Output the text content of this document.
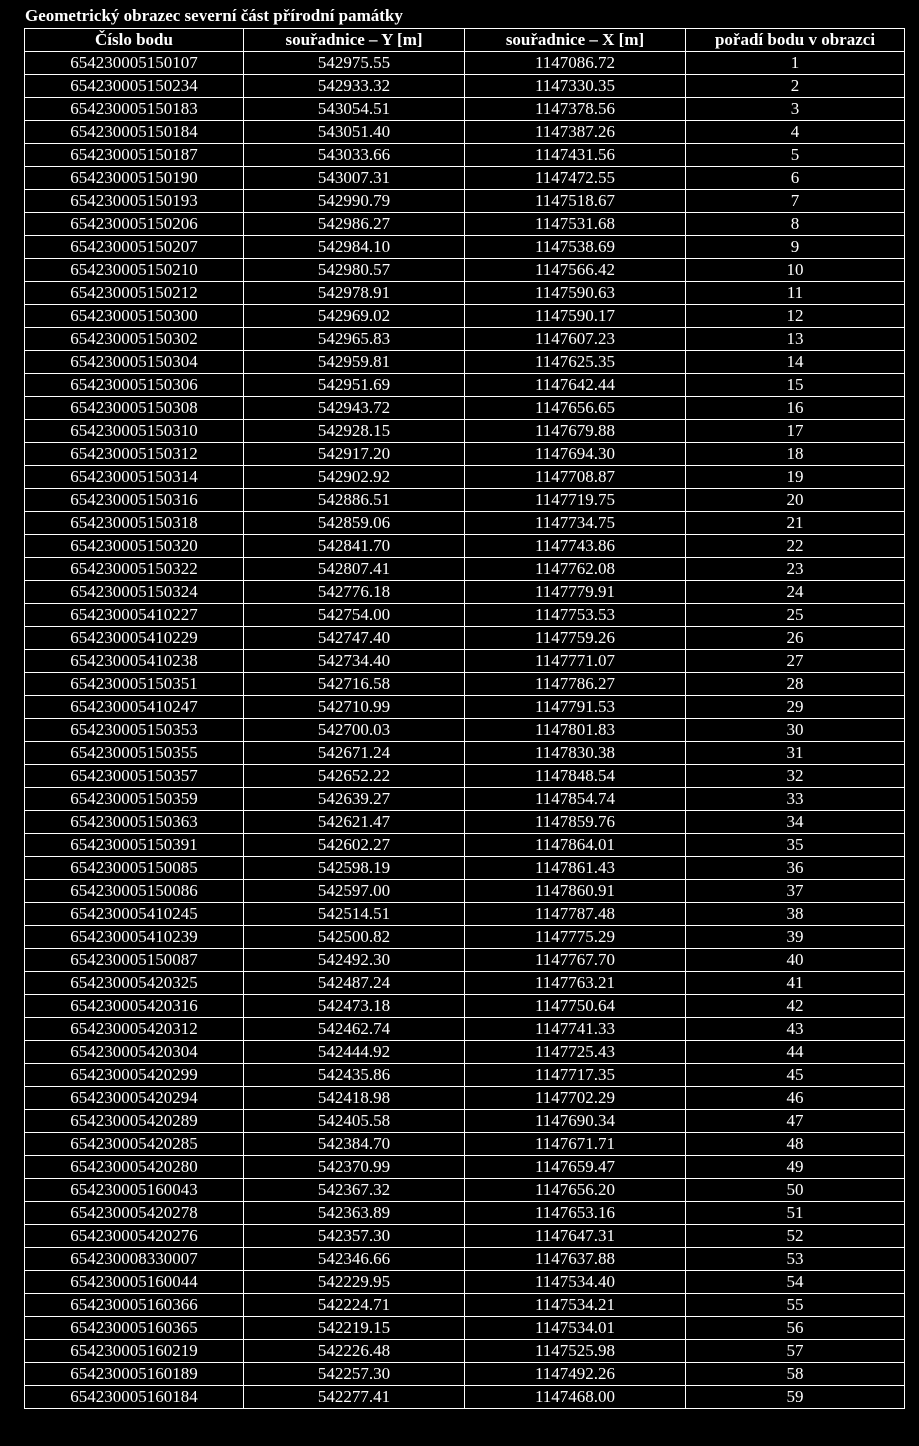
Geometrický obrazec severní část přírodní památky
Číslo bodu	souřadnice – Y [m]	souřadnice – X [m]	pořadí bodu v obrazci
654230005150107	542975.55	1147086.72	1
654230005150234	542933.32	1147330.35	2
654230005150183	543054.51	1147378.56	3
654230005150184	543051.40	1147387.26	4
654230005150187	543033.66	1147431.56	5
654230005150190	543007.31	1147472.55	6
654230005150193	542990.79	1147518.67	7
654230005150206	542986.27	1147531.68	8
654230005150207	542984.10	1147538.69	9
654230005150210	542980.57	1147566.42	10
654230005150212	542978.91	1147590.63	11
654230005150300	542969.02	1147590.17	12
654230005150302	542965.83	1147607.23	13
654230005150304	542959.81	1147625.35	14
654230005150306	542951.69	1147642.44	15
654230005150308	542943.72	1147656.65	16
654230005150310	542928.15	1147679.88	17
654230005150312	542917.20	1147694.30	18
654230005150314	542902.92	1147708.87	19
654230005150316	542886.51	1147719.75	20
654230005150318	542859.06	1147734.75	21
654230005150320	542841.70	1147743.86	22
654230005150322	542807.41	1147762.08	23
654230005150324	542776.18	1147779.91	24
654230005410227	542754.00	1147753.53	25
654230005410229	542747.40	1147759.26	26
654230005410238	542734.40	1147771.07	27
654230005150351	542716.58	1147786.27	28
654230005410247	542710.99	1147791.53	29
654230005150353	542700.03	1147801.83	30
654230005150355	542671.24	1147830.38	31
654230005150357	542652.22	1147848.54	32
654230005150359	542639.27	1147854.74	33
654230005150363	542621.47	1147859.76	34
654230005150391	542602.27	1147864.01	35
654230005150085	542598.19	1147861.43	36
654230005150086	542597.00	1147860.91	37
654230005410245	542514.51	1147787.48	38
654230005410239	542500.82	1147775.29	39
654230005150087	542492.30	1147767.70	40
654230005420325	542487.24	1147763.21	41
654230005420316	542473.18	1147750.64	42
654230005420312	542462.74	1147741.33	43
654230005420304	542444.92	1147725.43	44
654230005420299	542435.86	1147717.35	45
654230005420294	542418.98	1147702.29	46
654230005420289	542405.58	1147690.34	47
654230005420285	542384.70	1147671.71	48
654230005420280	542370.99	1147659.47	49
654230005160043	542367.32	1147656.20	50
654230005420278	542363.89	1147653.16	51
654230005420276	542357.30	1147647.31	52
654230008330007	542346.66	1147637.88	53
654230005160044	542229.95	1147534.40	54
654230005160366	542224.71	1147534.21	55
654230005160365	542219.15	1147534.01	56
654230005160219	542226.48	1147525.98	57
654230005160189	542257.30	1147492.26	58
654230005160184	542277.41	1147468.00	59
